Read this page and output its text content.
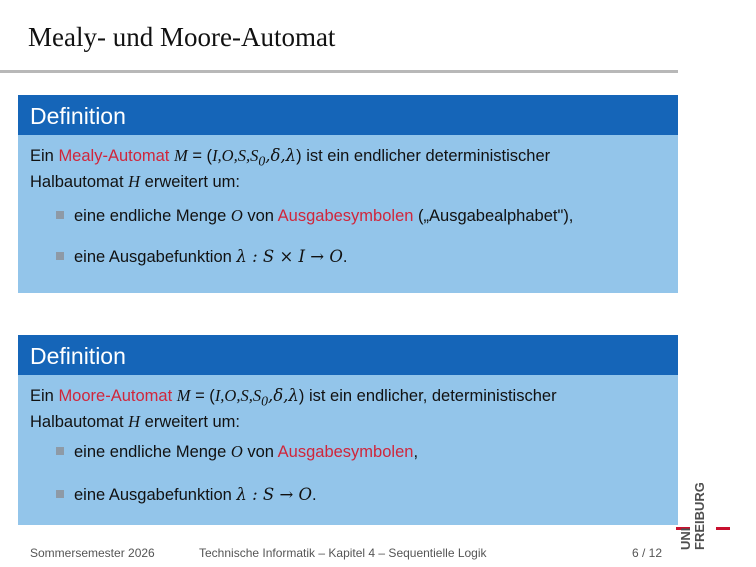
Mealy- und Moore-Automat
Definition
Ein Mealy-Automat $M = (I,O,S,S_0,\delta,\lambda)$ ist ein endlicher deterministischer
Halbautomat H erweitert um:
eine endliche Menge O von Ausgabesymbolen („Ausgabealphabet"),
eine Ausgabefunktion λ : S × I → O.
Definition
Ein Moore-Automat $M = (I,O,S,S_0,\delta,\lambda)$ ist ein endlicher, deterministischer
Halbautomat H erweitert um:
eine endliche Menge O von Ausgabesymbolen,
eine Ausgabefunktion λ : S → O.
Sommersemester 2026	Technische Informatik – Kapitel 4 – Sequentielle Logik	6 / 12
FREIBURG
UNI
